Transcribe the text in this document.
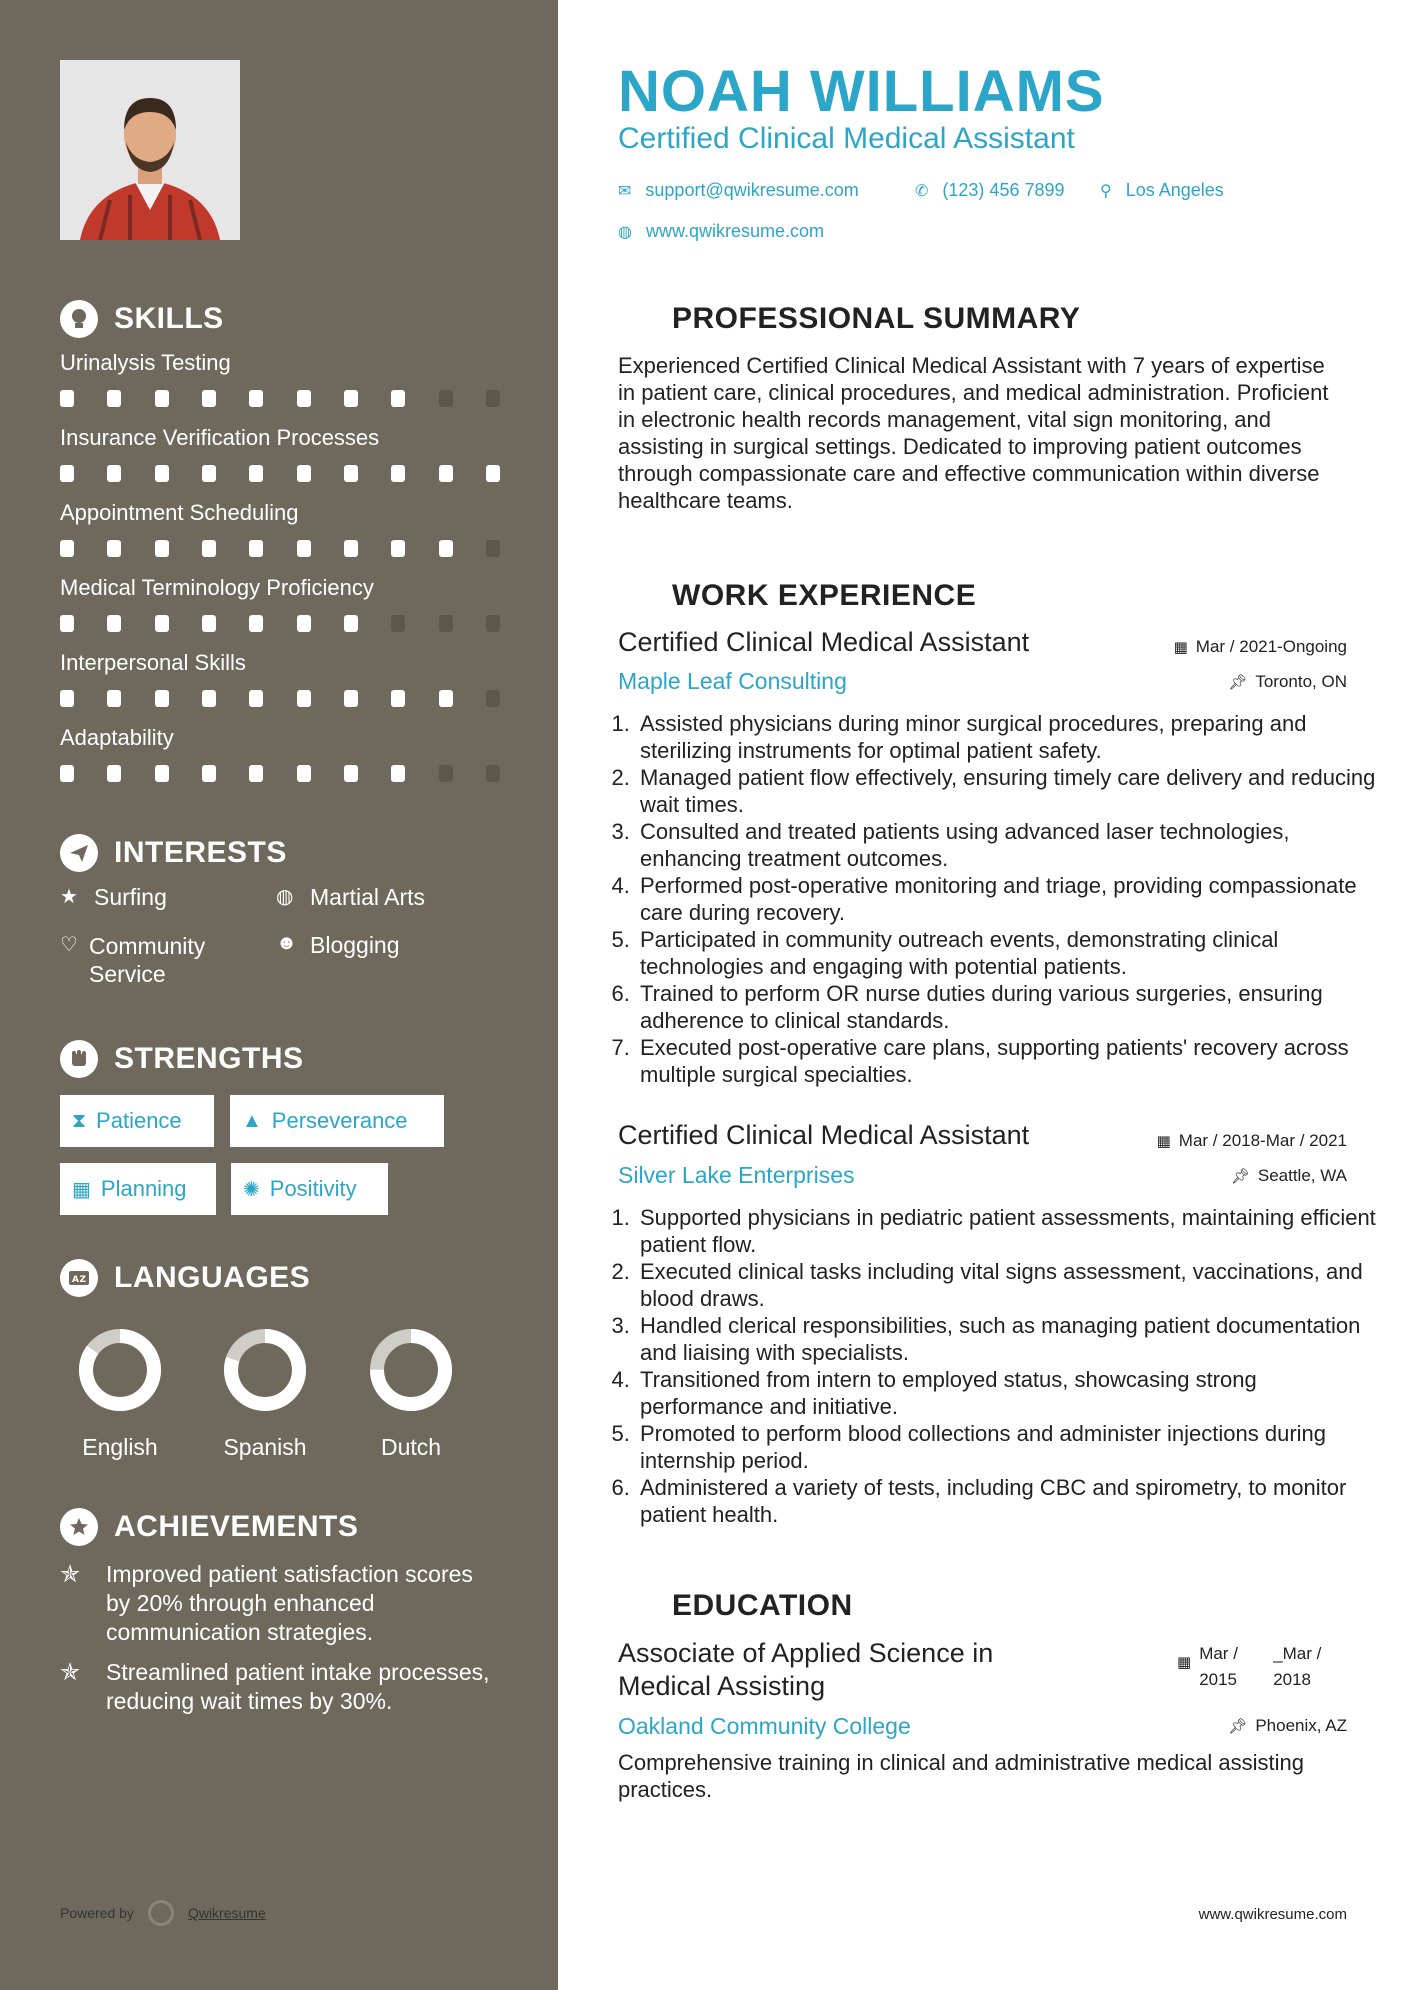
SKILLS
Urinalysis Testing
Insurance Verification Processes
Appointment Scheduling
Medical Terminology Proficiency
Interpersonal Skills
Adaptability
INTERESTS
★ Surfing	◍ Martial Arts
♡ Community Service
☻ Blogging
STRENGTHS
⧗ Patience	▲ Perseverance
▦ Planning	✺ Positivity
AZ LANGUAGES
English	Spanish	Dutch
ACHIEVEMENTS
✯	Improved patient satisfaction scores by 20% through enhanced communication strategies.
✯	Streamlined patient intake processes, reducing wait times by 30%.
Powered by	Qwikresume
NOAH WILLIAMS
Certified Clinical Medical Assistant
✉ support@qwikresume.com	✆ (123) 456 7899 ⚲ Los Angeles
◍ www.qwikresume.com
PROFESSIONAL SUMMARY
Experienced Certified Clinical Medical Assistant with 7 years of expertise in patient care, clinical procedures, and medical administration. Proficient in electronic health records management, vital sign monitoring, and assisting in surgical settings. Dedicated to improving patient outcomes through compassionate care and effective communication within diverse healthcare teams.
WORK EXPERIENCE
Certified Clinical Medical Assistant	▦ Mar / 2021-Ongoing
Maple Leaf Consulting	📌︎ Toronto, ON
1. Assisted physicians during minor surgical procedures, preparing and sterilizing instruments for optimal patient safety.
2. Managed patient flow effectively, ensuring timely care delivery and reducing wait times.
3. Consulted and treated patients using advanced laser technologies, enhancing treatment outcomes.
4. Performed post-operative monitoring and triage, providing compassionate care during recovery.
5. Participated in community outreach events, demonstrating clinical technologies and engaging with potential patients.
6. Trained to perform OR nurse duties during various surgeries, ensuring adherence to clinical standards.
7. Executed post-operative care plans, supporting patients' recovery across multiple surgical specialties.
Certified Clinical Medical Assistant	▦ Mar / 2018-Mar / 2021
Silver Lake Enterprises	📌︎ Seattle, WA
1. Supported physicians in pediatric patient assessments, maintaining efficient patient flow.
2. Executed clinical tasks including vital signs assessment, vaccinations, and blood draws.
3. Handled clerical responsibilities, such as managing patient documentation and liaising with specialists.
4. Transitioned from intern to employed status, showcasing strong performance and initiative.
5. Promoted to perform blood collections and administer injections during internship period.
6. Administered a variety of tests, including CBC and spirometry, to monitor patient health.
EDUCATION
Associate of Applied Science in Medical Assisting
▦ Mar / 2015
_Mar / 2018
Oakland Community College	📌︎ Phoenix, AZ
Comprehensive training in clinical and administrative medical assisting practices.
www.qwikresume.com
